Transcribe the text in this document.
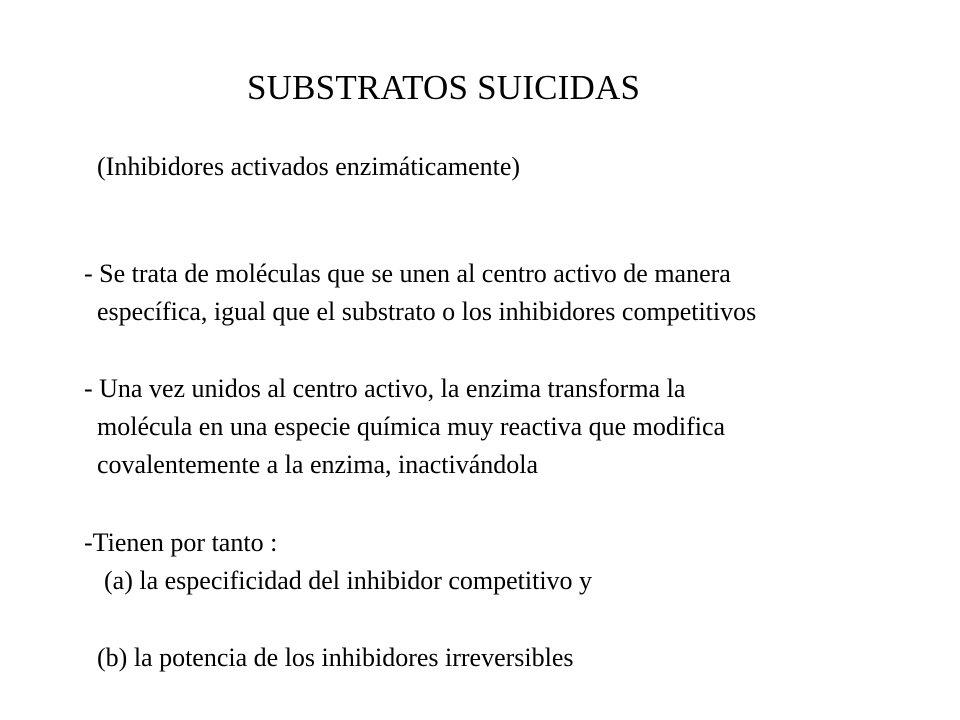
SUBSTRATOS SUICIDAS
(Inhibidores activados enzimáticamente)
- Se trata de moléculas que se unen al centro activo de manera
específica, igual que el substrato o los inhibidores competitivos
- Una vez unidos al centro activo, la enzima transforma la
molécula en una especie química muy reactiva que modifica
covalentemente a la enzima, inactivándola
-Tienen por tanto :
(a) la especificidad del inhibidor competitivo y
(b) la potencia de los inhibidores irreversibles
